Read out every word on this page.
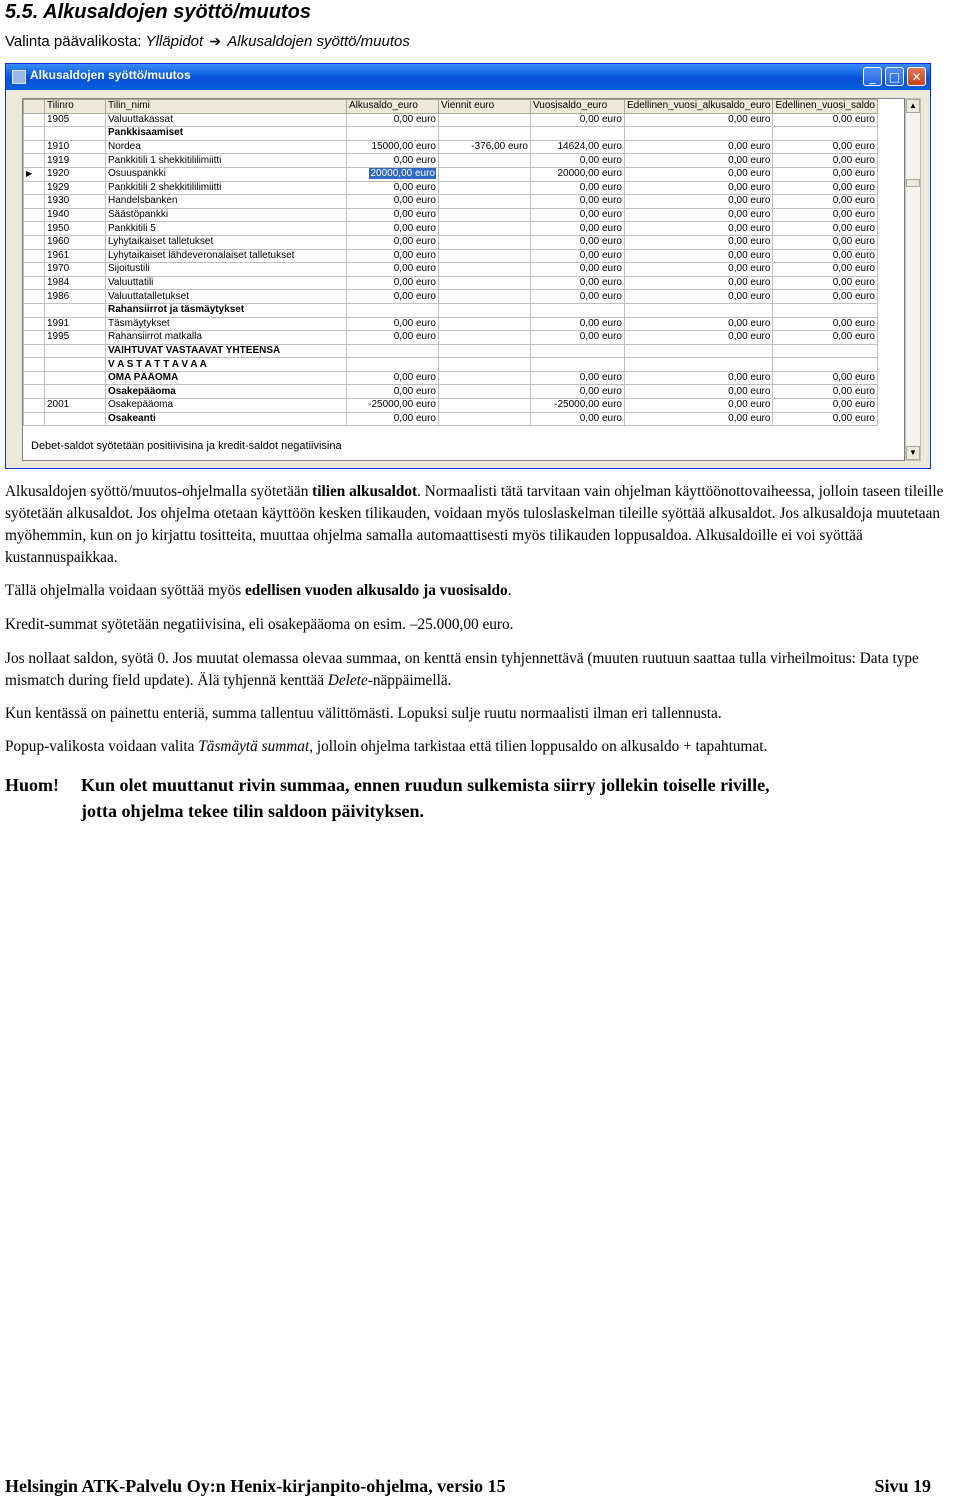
5.5. Alkusaldojen syöttö/muutos
Valinta päävalikosta: Ylläpidot ➔ Alkusaldojen syöttö/muutos
Alkusaldojen syöttö/muutos	_	□ ✕
	Tilinro	Tilin_nimi	Alkusaldo_euro	Viennit euro	Vuosisaldo_euro	Edellinen_vuosi_alkusaldo_euro	Edellinen_vuosi_saldo
	1905	Valuuttakassat	0,00 euro		0,00 euro	0,00 euro	0,00 euro
		Pankkisaamiset					
	1910	Nordea	15000,00 euro	-376,00 euro	14624,00 euro	0,00 euro	0,00 euro
	1919	Pankkitili 1 shekkitililimiitti	0,00 euro		0,00 euro	0,00 euro	0,00 euro
▶	1920	Osuuspankki	20000,00 euro		20000,00 euro	0,00 euro	0,00 euro
	1929	Pankkitili 2 shekkitililimiitti	0,00 euro		0,00 euro	0,00 euro	0,00 euro
	1930	Handelsbanken	0,00 euro		0,00 euro	0,00 euro	0,00 euro
	1940	Säästöpankki	0,00 euro		0,00 euro	0,00 euro	0,00 euro
	1950	Pankkitili 5	0,00 euro		0,00 euro	0,00 euro	0,00 euro
	1960	Lyhytaikaiset talletukset	0,00 euro		0,00 euro	0,00 euro	0,00 euro
	1961	Lyhytaikaiset lähdeveronalaiset talletukset	0,00 euro		0,00 euro	0,00 euro	0,00 euro
	1970	Sijoitustili	0,00 euro		0,00 euro	0,00 euro	0,00 euro
	1984	Valuuttatili	0,00 euro		0,00 euro	0,00 euro	0,00 euro
	1986	Valuuttatalletukset	0,00 euro		0,00 euro	0,00 euro	0,00 euro
		Rahansiirrot ja täsmäytykset					
	1991	Täsmäytykset	0,00 euro		0,00 euro	0,00 euro	0,00 euro
	1995	Rahansiirrot matkalla	0,00 euro		0,00 euro	0,00 euro	0,00 euro
		VAIHTUVAT VASTAAVAT YHTEENSÄ					
		V A S T A T T A V A A					
		OMA PÄÄOMA	0,00 euro		0,00 euro	0,00 euro	0,00 euro
		Osakepääoma	0,00 euro		0,00 euro	0,00 euro	0,00 euro
	2001	Osakepääoma	-25000,00 euro		-25000,00 euro	0,00 euro	0,00 euro
		Osakeanti	0,00 euro		0,00 euro	0,00 euro	0,00 euro
▲
▼
Debet-saldot syötetään positiivisina ja kredit-saldot negatiivisina

Alkusaldojen syöttö/muutos-ohjelmalla syötetään tilien alkusaldot. Normaalisti tätä tarvitaan vain ohjelman käyttöönottovaiheessa, jolloin taseen tileille syötetään alkusaldot. Jos ohjelma otetaan käyttöön kesken tilikauden, voidaan myös tuloslaskelman tileille syöttää alkusaldot. Jos alkusaldoja muutetaan myöhemmin, kun on jo kirjattu tositteita, muuttaa ohjelma samalla automaattisesti myös tilikauden loppusaldoa. Alkusaldoille ei voi syöttää kustannuspaikkaa.

Tällä ohjelmalla voidaan syöttää myös edellisen vuoden alkusaldo ja vuosisaldo.

Kredit-summat syötetään negatiivisina, eli osakepääoma on esim. –25.000,00 euro.

Jos nollaat saldon, syötä 0. Jos muutat olemassa olevaa summaa, on kenttä ensin tyhjennettävä (muuten ruutuun saattaa tulla virheilmoitus: Data type mismatch during field update). Älä tyhjennä kenttää Delete-näppäimellä.

Kun kentässä on painettu enteriä, summa tallentuu välittömästi. Lopuksi sulje ruutu normaalisti ilman eri tallennusta.

Popup-valikosta voidaan valita Täsmäytä summat, jolloin ohjelma tarkistaa että tilien loppusaldo on alkusaldo + tapahtumat.

Huom! Kun olet muuttanut rivin summaa, ennen ruudun sulkemista siirry jollekin toiselle riville,
jotta ohjelma tekee tilin saldoon päivityksen.
Helsingin ATK-Palvelu Oy:n Henix-kirjanpito-ohjelma, versio 15	Sivu 19
